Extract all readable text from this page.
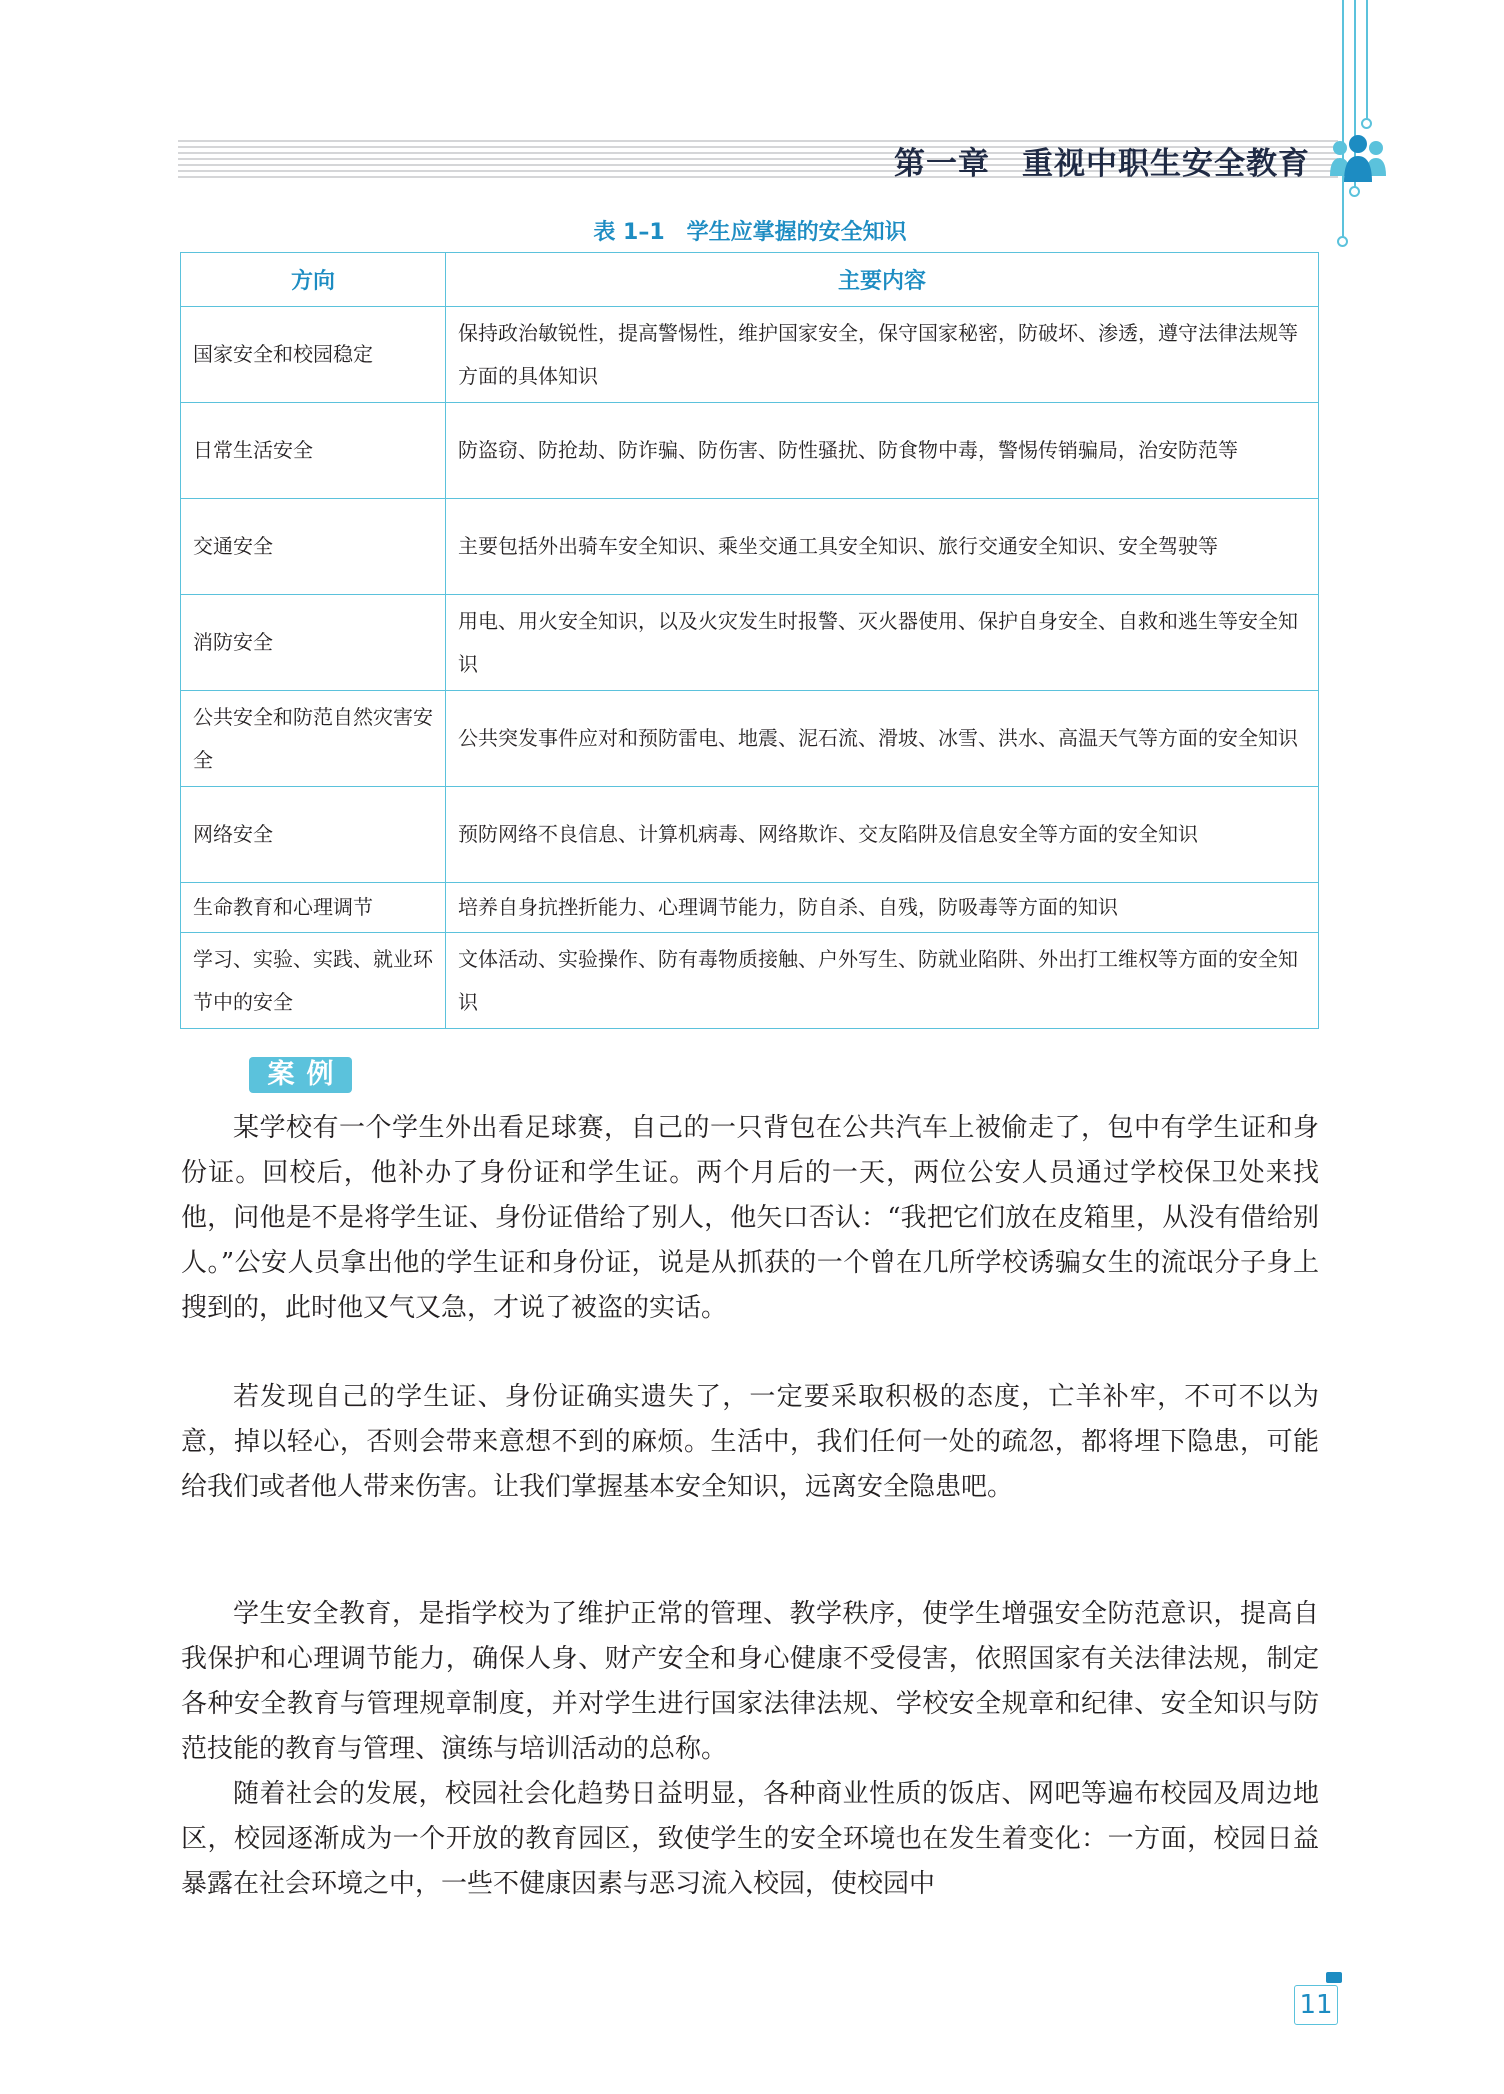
第一章　重视中职生安全教育
表 1–1　学生应掌握的安全知识
方向	主要内容
国家安全和校园稳定	保持政治敏锐性，提高警惕性，维护国家安全，保守国家秘密，防破坏、渗透，遵守法律法规等方面的具体知识
日常生活安全	防盗窃、防抢劫、防诈骗、防伤害、防性骚扰、防食物中毒，警惕传销骗局，治安防范等
交通安全	主要包括外出骑车安全知识、乘坐交通工具安全知识、旅行交通安全知识、安全驾驶等
消防安全	用电、用火安全知识，以及火灾发生时报警、灭火器使用、保护自身安全、自救和逃生等安全知识
公共安全和防范自然灾害安全	公共突发事件应对和预防雷电、地震、泥石流、滑坡、冰雪、洪水、高温天气等方面的安全知识
网络安全	预防网络不良信息、计算机病毒、网络欺诈、交友陷阱及信息安全等方面的安全知识
生命教育和心理调节	培养自身抗挫折能力、心理调节能力，防自杀、自残，防吸毒等方面的知识
学习、实验、实践、就业环节中的安全	文体活动、实验操作、防有毒物质接触、户外写生、防就业陷阱、外出打工维权等方面的安全知识
案例

某学校有一个学生外出看足球赛，自己的一只背包在公共汽车上被偷走了，包中有学生证和身份证。回校后，他补办了身份证和学生证。两个月后的一天，两位公安人员通过学校保卫处来找他，问他是不是将学生证、身份证借给了别人，他矢口否认：“我把它们放在皮箱里，从没有借给别人。”公安人员拿出他的学生证和身份证，说是从抓获的一个曾在几所学校诱骗女生的流氓分子身上搜到的，此时他又气又急，才说了被盗的实话。

若发现自己的学生证、身份证确实遗失了，一定要采取积极的态度，亡羊补牢，不可不以为意，掉以轻心，否则会带来意想不到的麻烦。生活中，我们任何一处的疏忽，都将埋下隐患，可能给我们或者他人带来伤害。让我们掌握基本安全知识，远离安全隐患吧。

学生安全教育，是指学校为了维护正常的管理、教学秩序，使学生增强安全防范意识，提高自我保护和心理调节能力，确保人身、财产安全和身心健康不受侵害，依照国家有关法律法规，制定各种安全教育与管理规章制度，并对学生进行国家法律法规、学校安全规章和纪律、安全知识与防范技能的教育与管理、演练与培训活动的总称。

随着社会的发展，校园社会化趋势日益明显，各种商业性质的饭店、网吧等遍布校园及周边地区，校园逐渐成为一个开放的教育园区，致使学生的安全环境也在发生着变化：一方面，校园日益暴露在社会环境之中，一些不健康因素与恶习流入校园，使校园中

11
